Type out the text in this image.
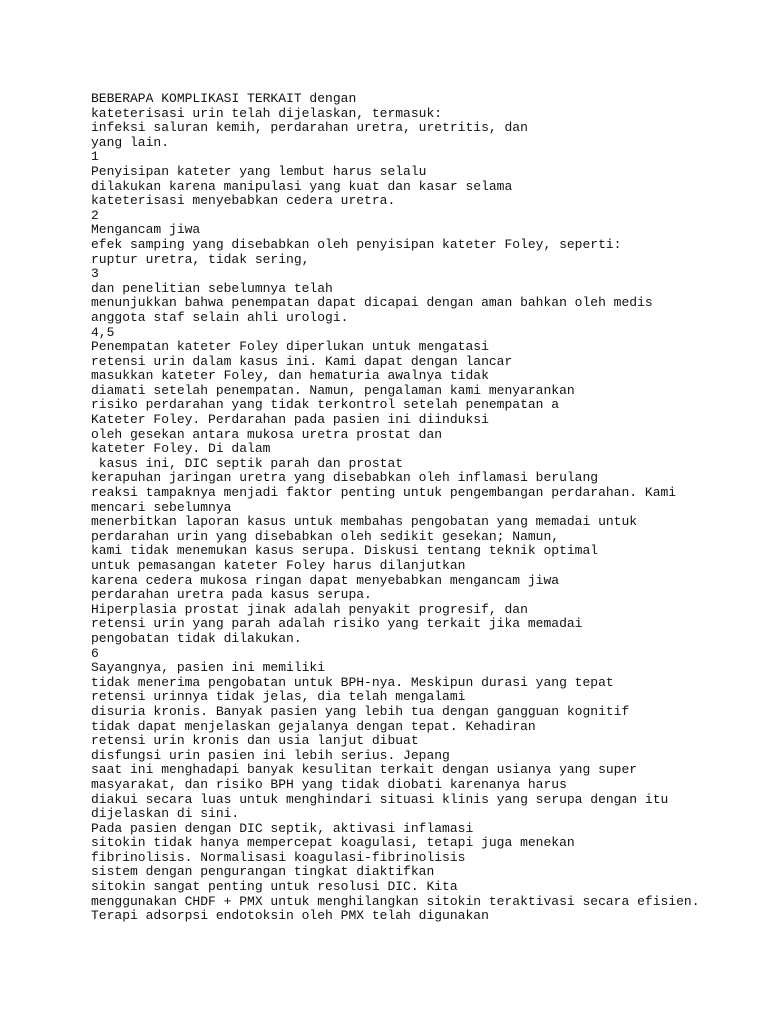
BEBERAPA KOMPLIKASI TERKAIT dengan
kateterisasi urin telah dijelaskan, termasuk:
infeksi saluran kemih, perdarahan uretra, uretritis, dan
yang lain.
1
Penyisipan kateter yang lembut harus selalu
dilakukan karena manipulasi yang kuat dan kasar selama
kateterisasi menyebabkan cedera uretra.
2
Mengancam jiwa
efek samping yang disebabkan oleh penyisipan kateter Foley, seperti:
ruptur uretra, tidak sering,
3
dan penelitian sebelumnya telah
menunjukkan bahwa penempatan dapat dicapai dengan aman bahkan oleh medis
anggota staf selain ahli urologi.
4,5
Penempatan kateter Foley diperlukan untuk mengatasi
retensi urin dalam kasus ini. Kami dapat dengan lancar
masukkan kateter Foley, dan hematuria awalnya tidak
diamati setelah penempatan. Namun, pengalaman kami menyarankan
risiko perdarahan yang tidak terkontrol setelah penempatan a
Kateter Foley. Perdarahan pada pasien ini diinduksi
oleh gesekan antara mukosa uretra prostat dan
kateter Foley. Di dalam
kasus ini, DIC septik parah dan prostat
kerapuhan jaringan uretra yang disebabkan oleh inflamasi berulang
reaksi tampaknya menjadi faktor penting untuk pengembangan perdarahan. Kami
mencari sebelumnya
menerbitkan laporan kasus untuk membahas pengobatan yang memadai untuk
perdarahan urin yang disebabkan oleh sedikit gesekan; Namun,
kami tidak menemukan kasus serupa. Diskusi tentang teknik optimal
untuk pemasangan kateter Foley harus dilanjutkan
karena cedera mukosa ringan dapat menyebabkan mengancam jiwa
perdarahan uretra pada kasus serupa.
Hiperplasia prostat jinak adalah penyakit progresif, dan
retensi urin yang parah adalah risiko yang terkait jika memadai
pengobatan tidak dilakukan.
6
Sayangnya, pasien ini memiliki
tidak menerima pengobatan untuk BPH-nya. Meskipun durasi yang tepat
retensi urinnya tidak jelas, dia telah mengalami
disuria kronis. Banyak pasien yang lebih tua dengan gangguan kognitif
tidak dapat menjelaskan gejalanya dengan tepat. Kehadiran
retensi urin kronis dan usia lanjut dibuat
disfungsi urin pasien ini lebih serius. Jepang
saat ini menghadapi banyak kesulitan terkait dengan usianya yang super
masyarakat, dan risiko BPH yang tidak diobati karenanya harus
diakui secara luas untuk menghindari situasi klinis yang serupa dengan itu
dijelaskan di sini.
Pada pasien dengan DIC septik, aktivasi inflamasi
sitokin tidak hanya mempercepat koagulasi, tetapi juga menekan
fibrinolisis. Normalisasi koagulasi-fibrinolisis
sistem dengan pengurangan tingkat diaktifkan
sitokin sangat penting untuk resolusi DIC. Kita
menggunakan CHDF + PMX untuk menghilangkan sitokin teraktivasi secara efisien.
Terapi adsorpsi endotoksin oleh PMX telah digunakan
